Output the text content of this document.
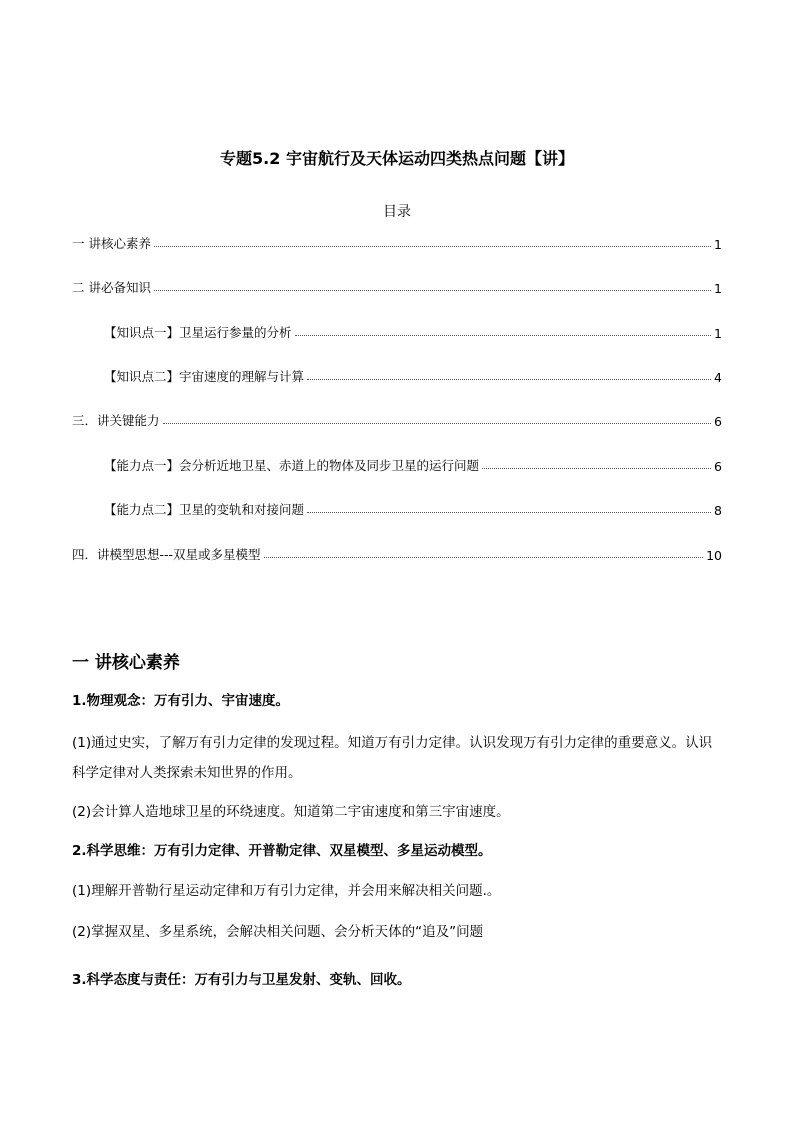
专题5.2 宇宙航行及天体运动四类热点问题【讲】
目录
一 讲核心素养	1
二 讲必备知识	1
【知识点一】卫星运行参量的分析	1
【知识点二】宇宙速度的理解与计算	4
三．讲关键能力	6
【能力点一】会分析近地卫星、赤道上的物体及同步卫星的运行问题	6
【能力点二】卫星的变轨和对接问题	8
四．讲模型思想---双星或多星模型	10
一 讲核心素养
1.物理观念：万有引力、宇宙速度。
(1)通过史实，了解万有引力定律的发现过程。知道万有引力定律。认识发现万有引力定律的重要意义。认识科学定律对人类探索未知世界的作用。
(2)会计算人造地球卫星的环绕速度。知道第二宇宙速度和第三宇宙速度。
2.科学思维：万有引力定律、开普勒定律、双星模型、多星运动模型。
(1)理解开普勒行星运动定律和万有引力定律，并会用来解决相关问题.。
(2)掌握双星、多星系统，会解决相关问题、会分析天体的“追及”问题
3.科学态度与责任：万有引力与卫星发射、变轨、回收。
